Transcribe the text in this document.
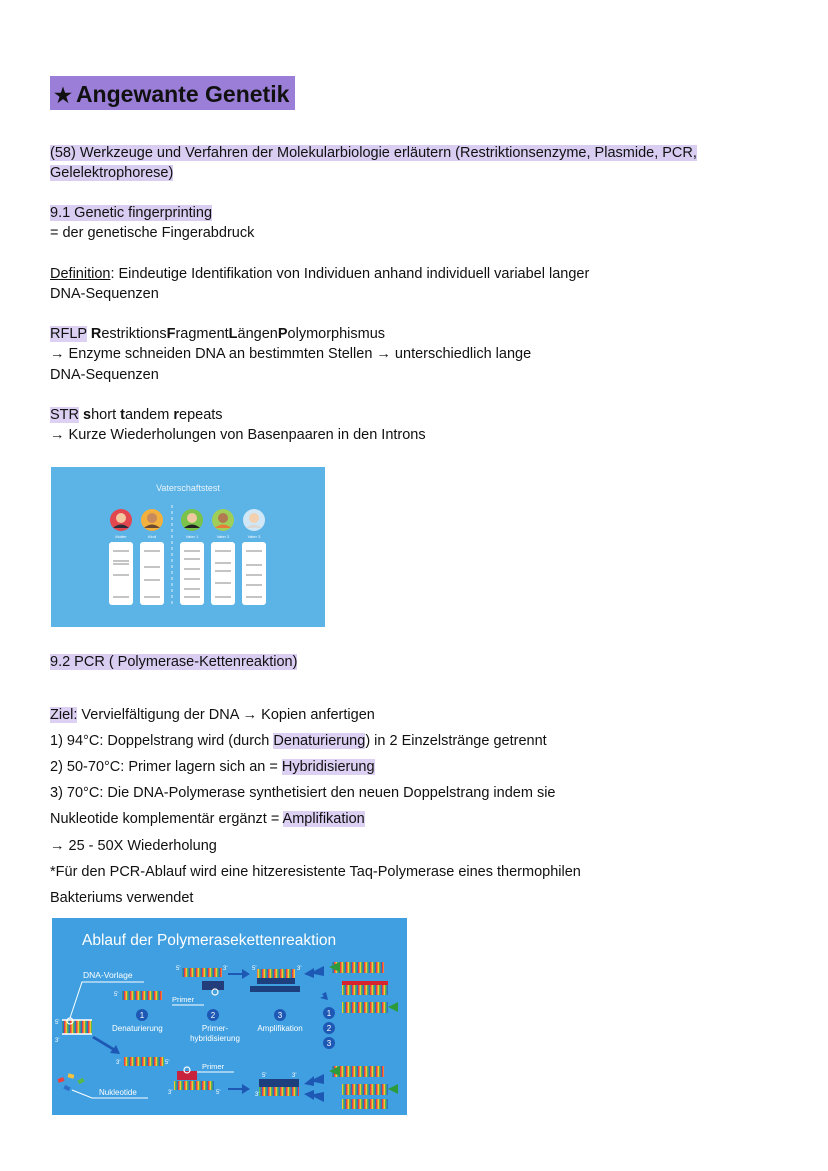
★ Angewante Genetik
(58) Werkzeuge und Verfahren der Molekularbiologie erläutern (Restriktionsenzyme, Plasmide, PCR,
Gelelektrophorese)
9.1 Genetic fingerprinting
= der genetische Fingerabdruck
Definition: Eindeutige Identifikation von Individuen anhand individuell variabel langer
DNA-Sequenzen
RFLP RestriktionsFragmentLängenPolymorphismus
→ Enzyme schneiden DNA an bestimmten Stellen → unterschiedlich lange
DNA-Sequenzen
STR short tandem repeats
→ Kurze Wiederholungen von Basenpaaren in den Introns
Vaterschaftstest
Mutter	Kind	Vater 1	Vater 2	Vater 3
9.2 PCR ( Polymerase-Kettenreaktion)
Ziel: Vervielfältigung der DNA → Kopien anfertigen
1) 94°C: Doppelstrang wird (durch Denaturierung) in 2 Einzelstränge getrennt
2) 50-70°C: Primer lagern sich an = Hybridisierung
3) 70°C: Die DNA-Polymerase synthetisiert den neuen Doppelstrang indem sie
Nukleotide komplementär ergänzt = Amplifikation
→ 25 - 50X Wiederholung
*Für den PCR-Ablauf wird eine hitzeresistente Taq-Polymerase eines thermophilen
Bakteriums verwendet
Ablauf der Polymerasekettenreaktion
5'
3'
DNA-Vorlage
5'
5'	3'
Primer
5'	3'
1	2	3
Denaturierung	Primer-
hybridisierung
Amplifikation
1
2
3
3'	5'	Primer
3'	5'	3'
5'	3'
Nukleotide
